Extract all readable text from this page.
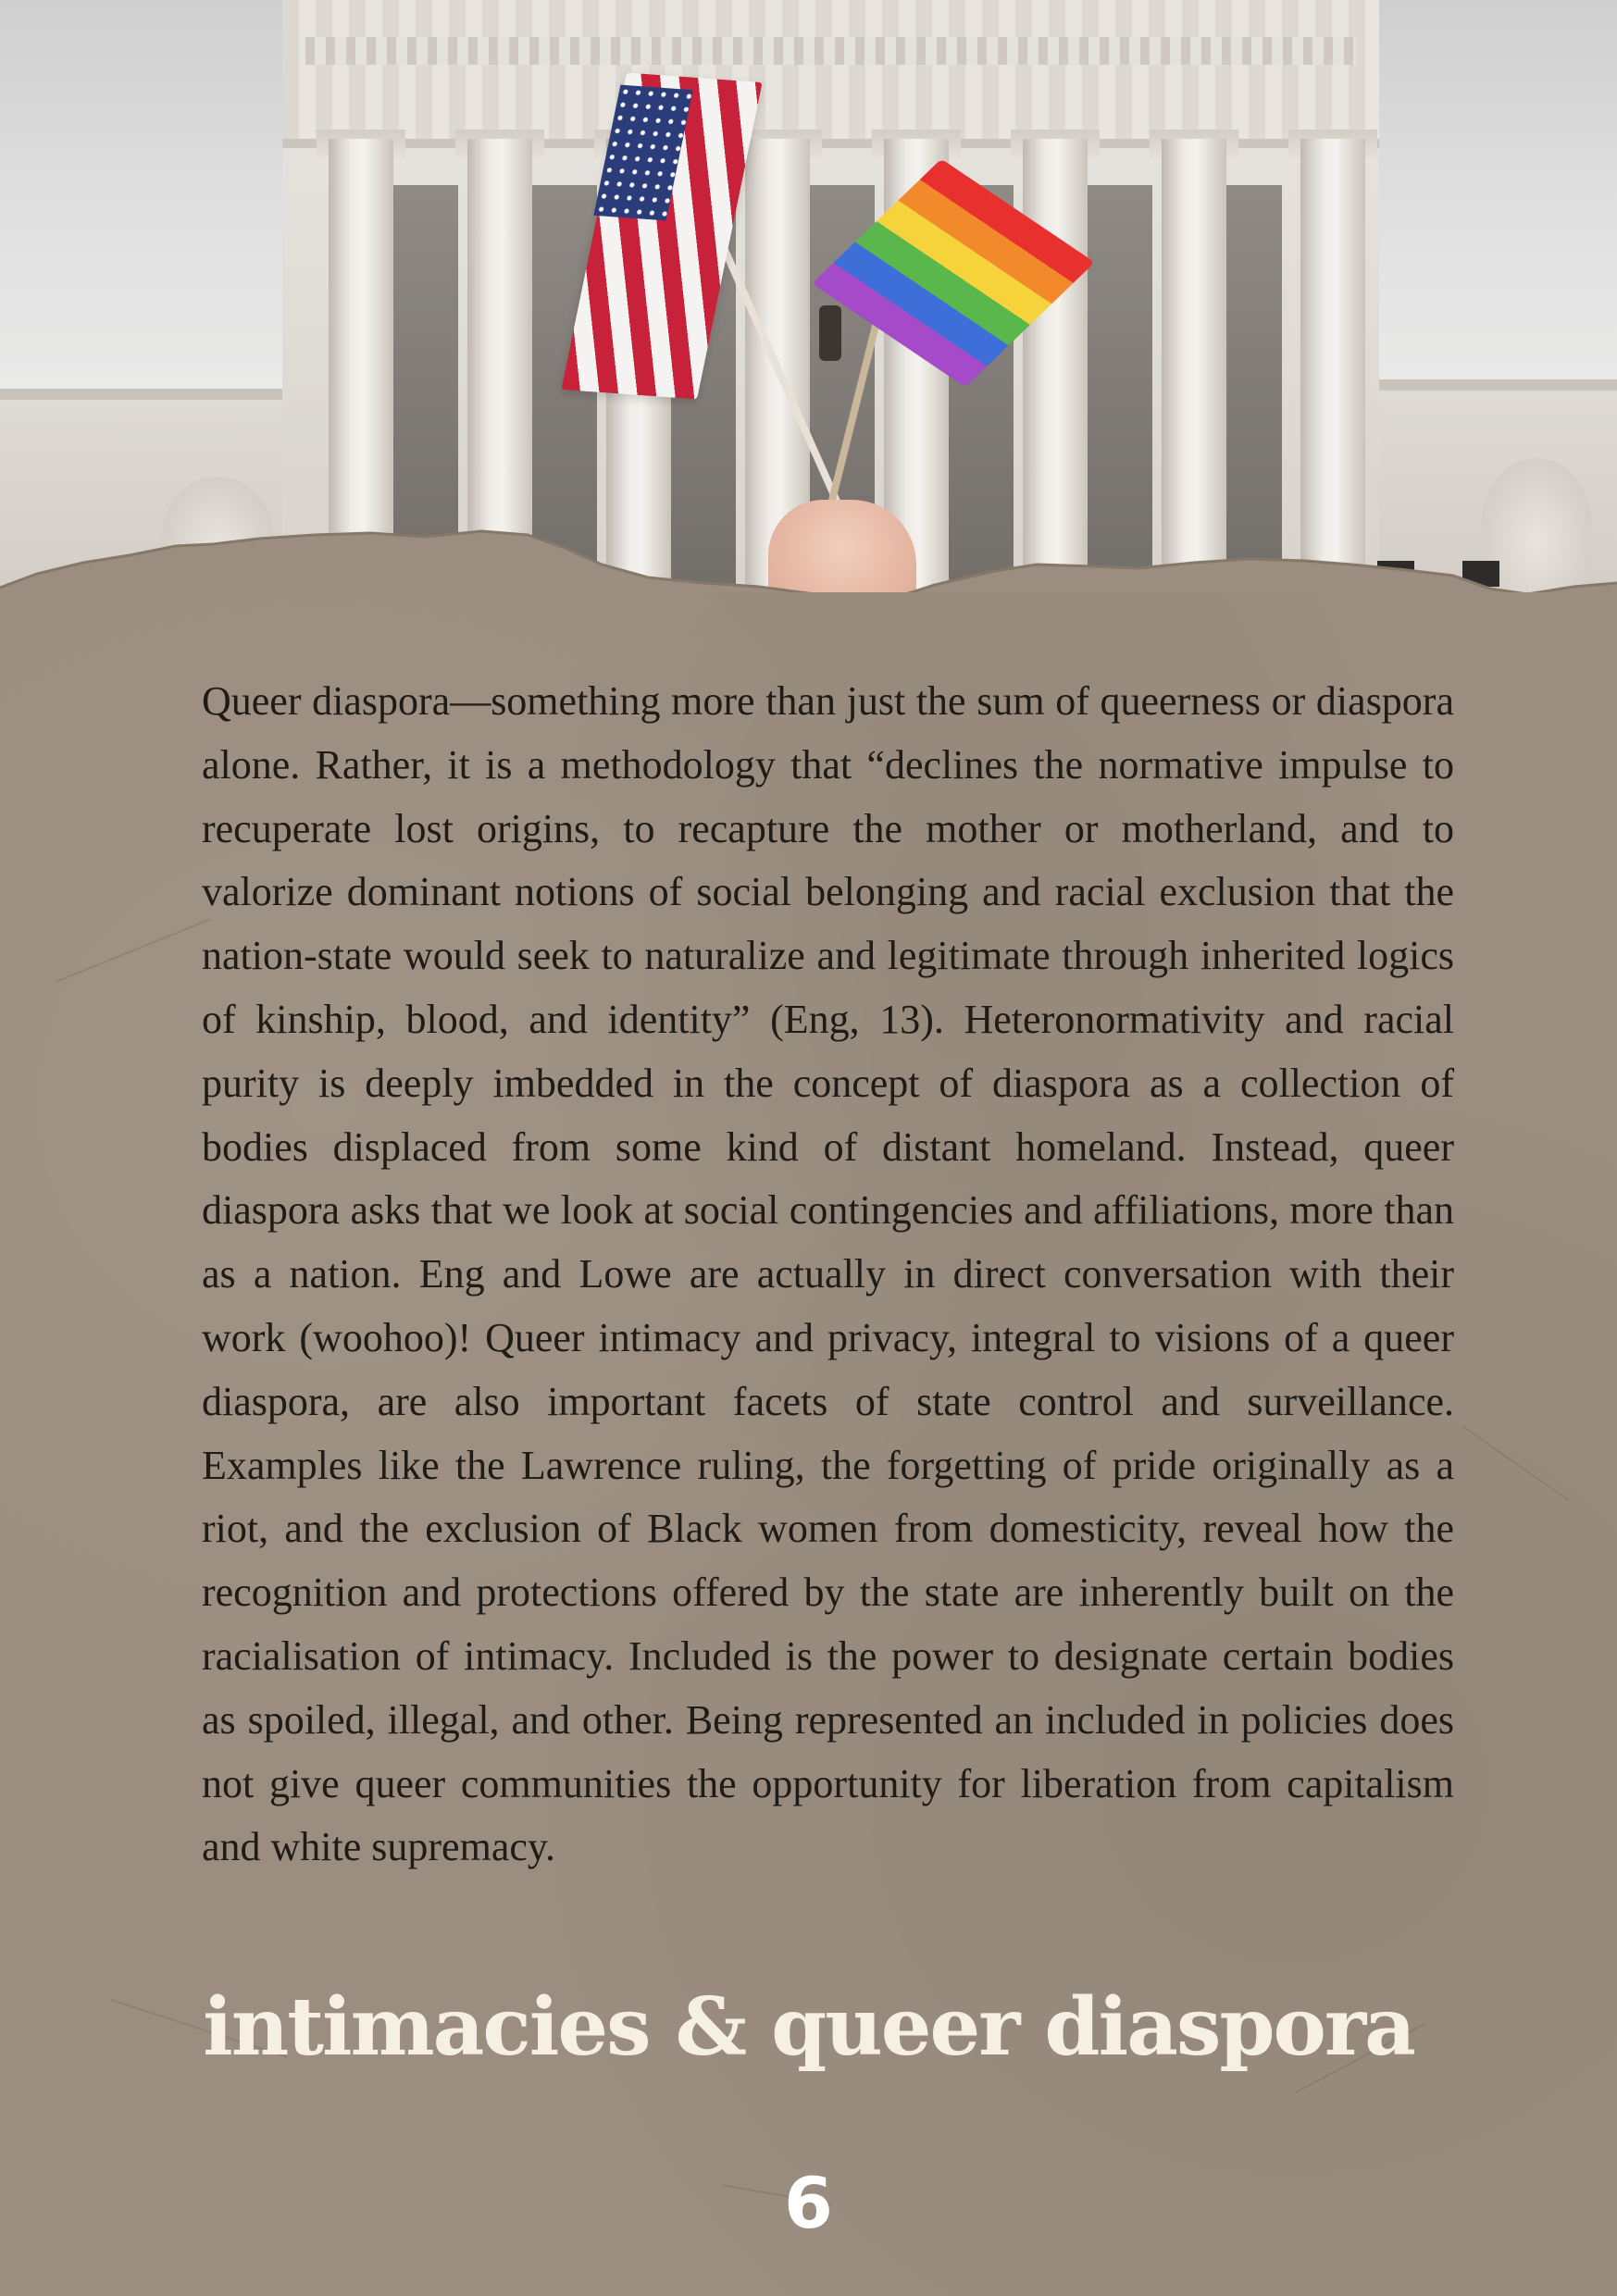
Queer diaspora—something more than just the sum of queerness or diaspora alone. Rather, it is a methodology that “declines the normative impulse to recuperate lost origins, to recapture the mother or motherland, and to valorize dominant notions of social belonging and racial exclusion that the nation-state would seek to naturalize and legitimate through inherited logics of kinship, blood, and identity” (Eng, 13). Heteronormativity and racial purity is deeply imbedded in the concept of diaspora as a collection of bodies displaced from some kind of distant homeland. Instead, queer diaspora asks that we look at social contingencies and affiliations, more than as a nation. Eng and Lowe are actually in direct conversation with their work (woohoo)! Queer intimacy and privacy, integral to visions of a queer diaspora, are also important facets of state control and surveillance. Examples like the Lawrence ruling, the forgetting of pride originally as a riot, and the exclusion of Black women from domesticity, reveal how the recognition and protections offered by the state are inherently built on the racialisation of intimacy. Included is the power to designate certain bodies as spoiled, illegal, and other. Being represented an included in policies does not give queer communities the opportunity for liberation from capitalism and white supremacy.

intimacies & queer diaspora
6
